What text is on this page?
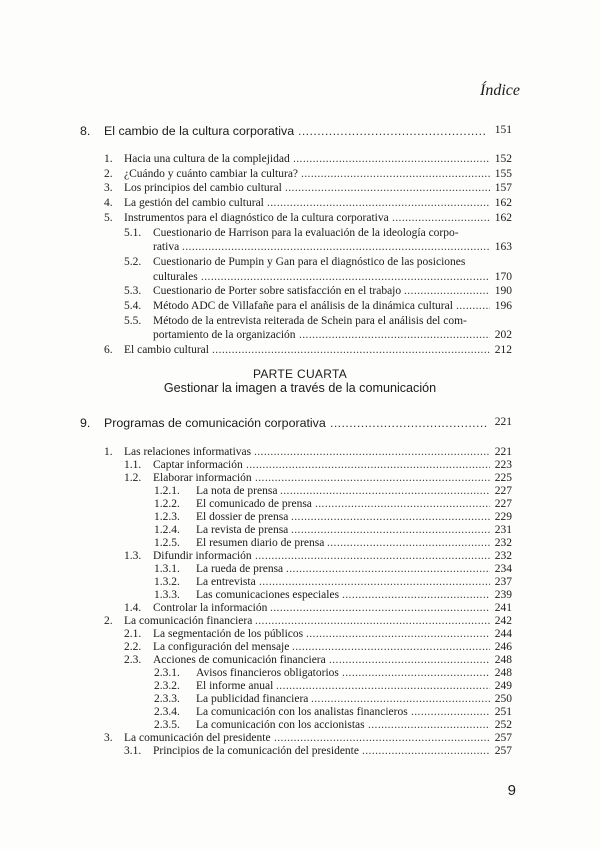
Índice
8. El cambio de la cultura corporativa	151
.....
1. Hacia una cultura de la complejidad .....	152
2. ¿Cuándo y cuánto cambiar la cultura? .....	155
3. Los principios del cambio cultural .....	157
4. La gestión del cambio cultural .....	162
5. Instrumentos para el diagnóstico de la cultura corporativa .....	162
5.1. Cuestionario de Harrison para la evaluación de la ideología corpo-
rativa .....	163
5.2. Cuestionario de Pumpin y Gan para el diagnóstico de las posiciones
culturales .....	170
5.3. Cuestionario de Porter sobre satisfacción en el trabajo .....	190
5.4. Método ADC de Villafañe para el análisis de la dinámica cultural .....	196
5.5. Método de la entrevista reiterada de Schein para el análisis del com-
portamiento de la organización .....	202
6. El cambio cultural .....	212
PARTE CUARTA
Gestionar la imagen a través de la comunicación
9. Programas de comunicación corporativa	221
.....
1. Las relaciones informativas .....	221
1.1. Captar información .....	223
1.2. Elaborar información .....	225
1.2.1. La nota de prensa .....	227
1.2.2. El comunicado de prensa .....	227
1.2.3. El dossier de prensa .....	229
1.2.4. La revista de prensa .....	231
1.2.5. El resumen diario de prensa .....	232
1.3. Difundir información .....	232
1.3.1. La rueda de prensa .....	234
1.3.2. La entrevista .....	237
1.3.3. Las comunicaciones especiales .....	239
1.4. Controlar la información .....	241
2. La comunicación financiera .....	242
2.1. La segmentación de los públicos .....	244
2.2. La configuración del mensaje .....	246
2.3. Acciones de comunicación financiera .....	248
2.3.1. Avisos financieros obligatorios .....	248
2.3.2. El informe anual .....	249
2.3.3. La publicidad financiera .....	250
2.3.4. La comunicación con los analistas financieros .....	251
2.3.5. La comunicación con los accionistas .....	252
3. La comunicación del presidente .....	257
3.1. Principios de la comunicación del presidente .....	257
9
